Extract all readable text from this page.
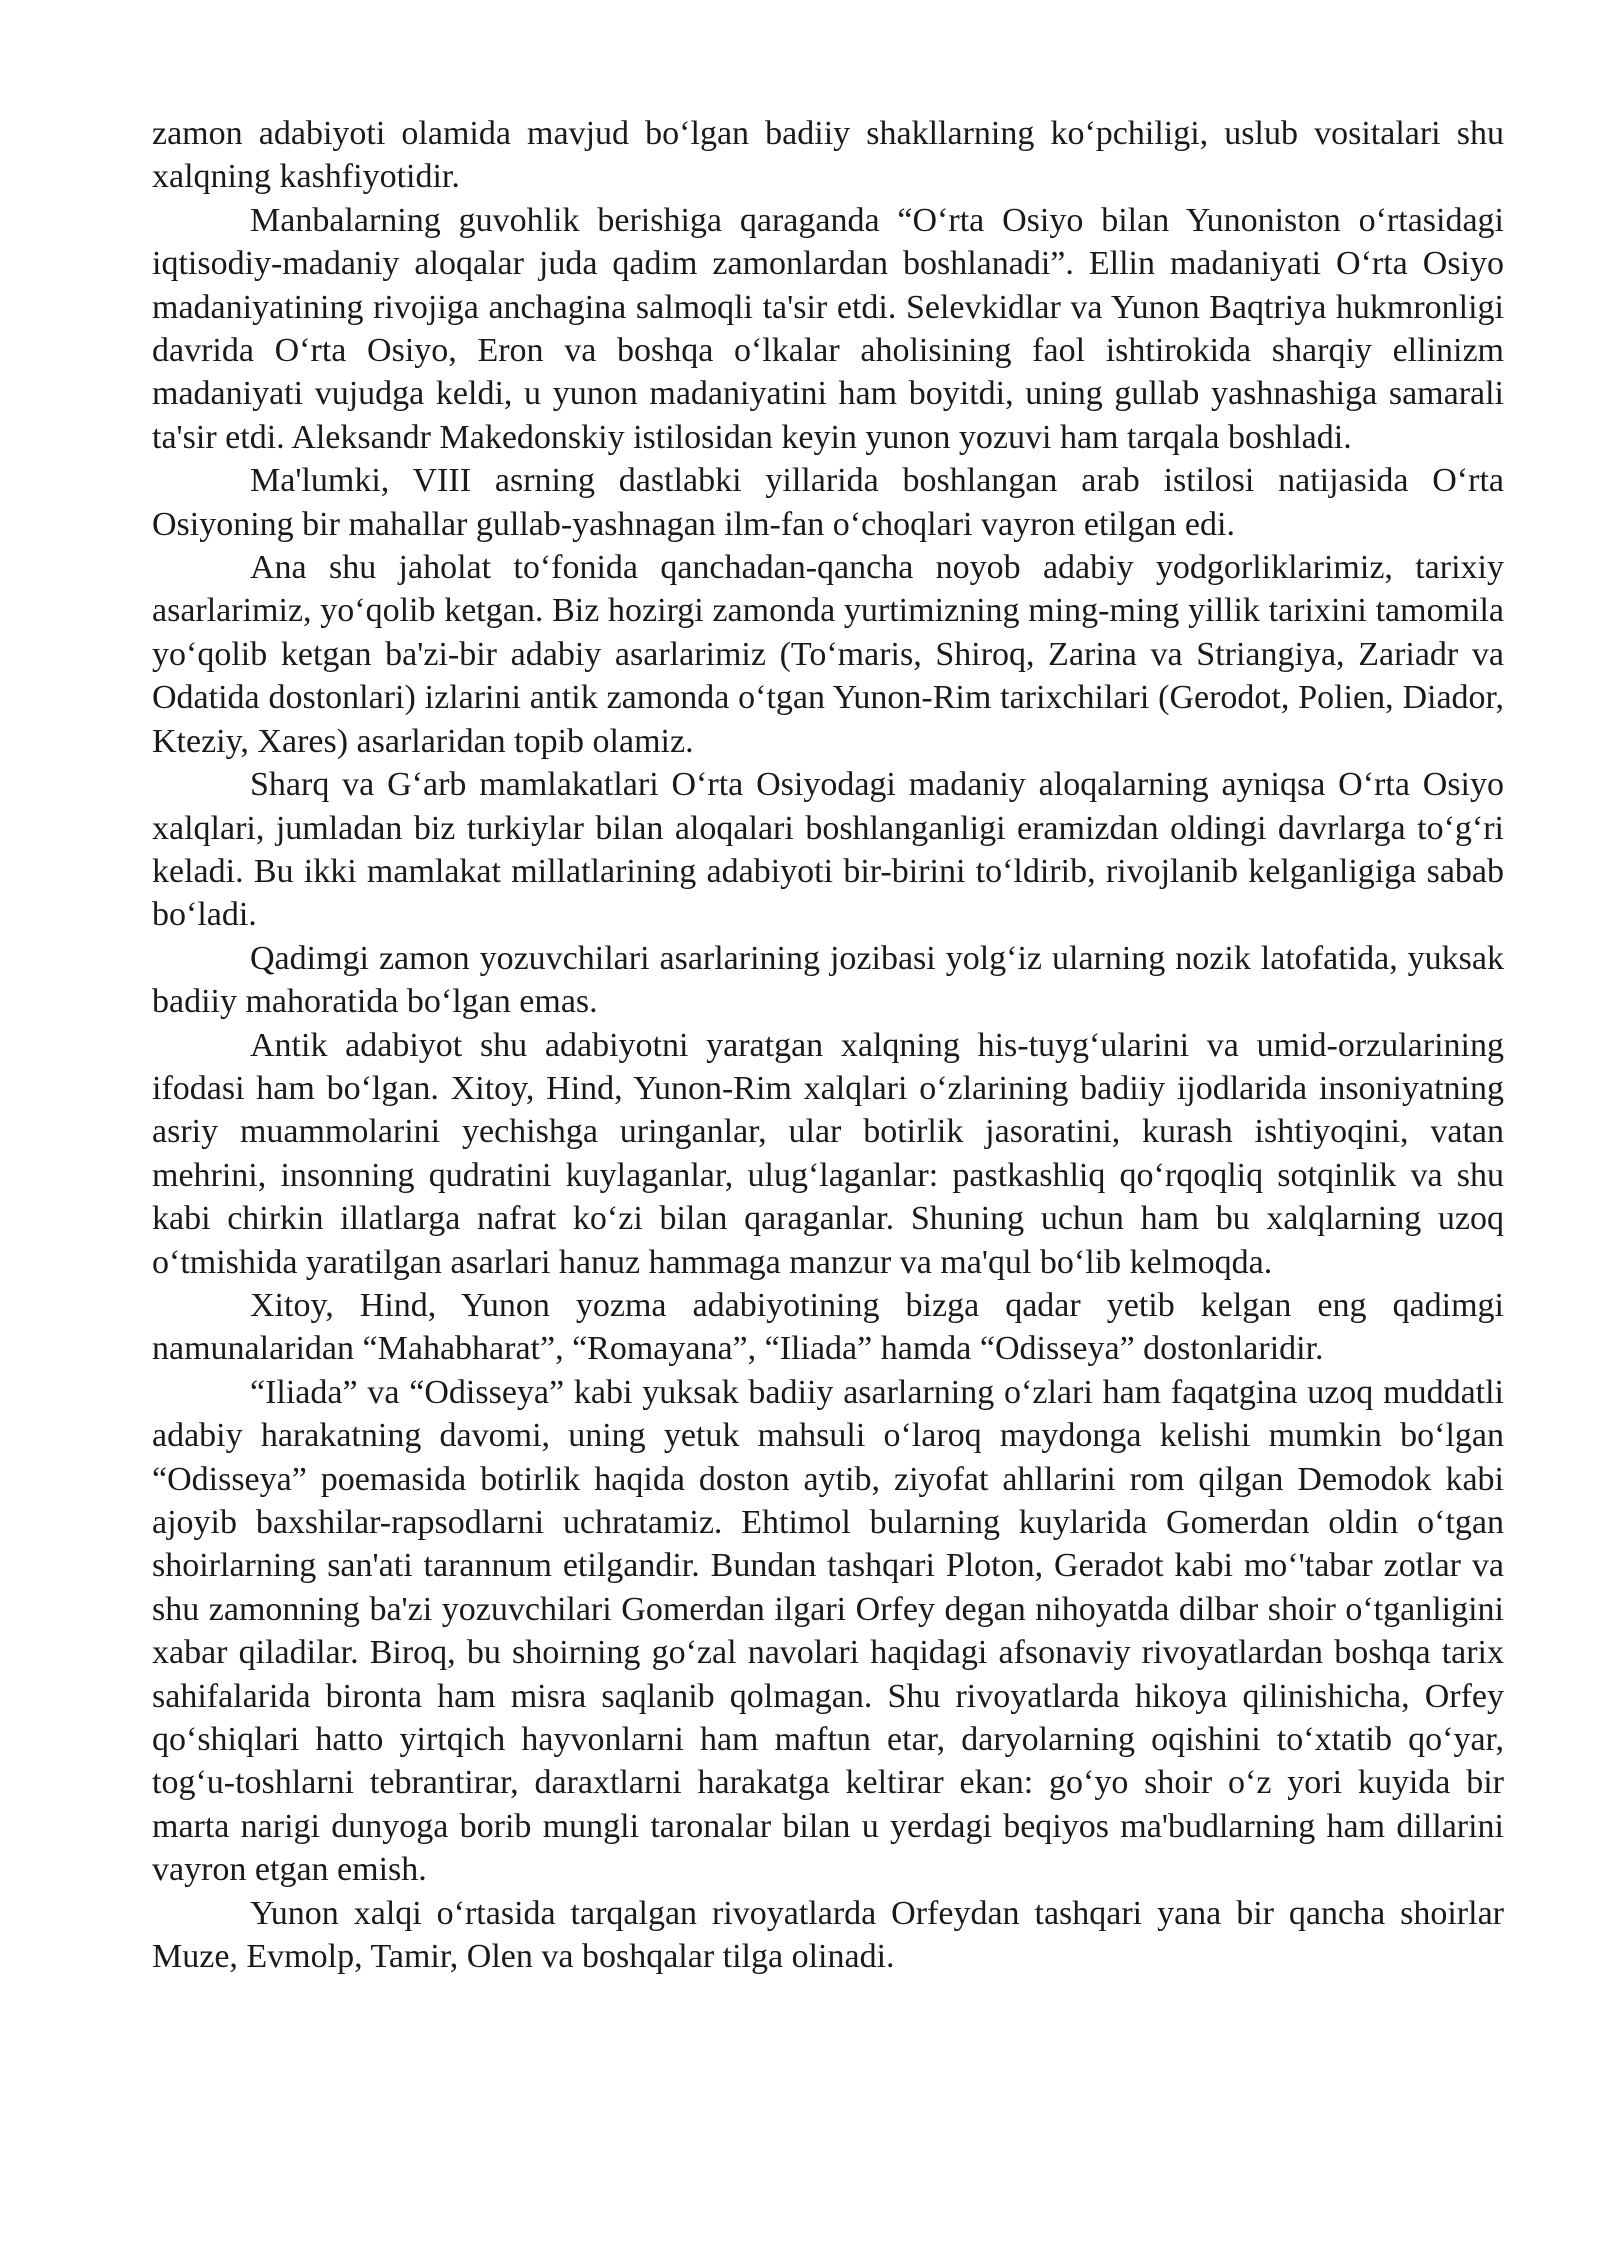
zamon adabiyoti olamida mavjud bo‘lgan badiiy shakllarning ko‘pchiligi, uslub vositalari shu xalqning kashfiyotidir.

Manbalarning guvohlik berishiga qaraganda “O‘rta Osiyo bilan Yunoniston o‘rtasidagi iqtisodiy-madaniy aloqalar juda qadim zamonlardan boshlanadi”. Ellin madaniyati O‘rta Osiyo madaniyatining rivojiga anchagina salmoqli ta'sir etdi. Selevkidlar va Yunon Baqtriya hukmronligi davrida O‘rta Osiyo, Eron va boshqa o‘lkalar aholisining faol ishtirokida sharqiy ellinizm madaniyati vujudga keldi, u yunon madaniyatini ham boyitdi, uning gullab yashnashiga samarali ta'sir etdi. Aleksandr Makedonskiy istilosidan keyin yunon yozuvi ham tarqala boshladi.

Ma'lumki, VIII asrning dastlabki yillarida boshlangan arab istilosi natijasida O‘rta Osiyoning bir mahallar gullab-yashnagan ilm-fan o‘choqlari vayron etilgan edi.

Ana shu jaholat to‘fonida qanchadan-qancha noyob adabiy yodgorliklarimiz, tarixiy asarlarimiz, yo‘qolib ketgan. Biz hozirgi zamonda yurtimizning ming-ming yillik tarixini tamomila yo‘qolib ketgan ba'zi-bir adabiy asarlarimiz (To‘maris, Shiroq, Zarina va Striangiya, Zariadr va Odatida dostonlari) izlarini antik zamonda o‘tgan Yunon-Rim tarixchilari (Gerodot, Polien, Diador, Kteziy, Xares) asarlaridan topib olamiz.

Sharq va G‘arb mamlakatlari O‘rta Osiyodagi madaniy aloqalarning ayniqsa O‘rta Osiyo xalqlari, jumladan biz turkiylar bilan aloqalari boshlanganligi eramizdan oldingi davrlarga to‘g‘ri keladi. Bu ikki mamlakat millatlarining adabiyoti bir-birini to‘ldirib, rivojlanib kelganligiga sabab bo‘ladi.

Qadimgi zamon yozuvchilari asarlarining jozibasi yolg‘iz ularning nozik latofatida, yuksak badiiy mahoratida bo‘lgan emas.

Antik adabiyot shu adabiyotni yaratgan xalqning his-tuyg‘ularini va umid-orzularining ifodasi ham bo‘lgan. Xitoy, Hind, Yunon-Rim xalqlari o‘zlarining badiiy ijodlarida insoniyatning asriy muammolarini yechishga uringanlar, ular botirlik jasoratini, kurash ishtiyoqini, vatan mehrini, insonning qudratini kuylaganlar, ulug‘laganlar: pastkashliq qo‘rqoqliq sotqinlik va shu kabi chirkin illatlarga nafrat ko‘zi bilan qaraganlar. Shuning uchun ham bu xalqlarning uzoq o‘tmishida yaratilgan asarlari hanuz hammaga manzur va ma'qul bo‘lib kelmoqda.

Xitoy, Hind, Yunon yozma adabiyotining bizga qadar yetib kelgan eng qadimgi namunalaridan “Mahabharat”, “Romayana”, “Iliada” hamda “Odisseya” dostonlaridir.

“Iliada” va “Odisseya” kabi yuksak badiiy asarlarning o‘zlari ham faqatgina uzoq muddatli adabiy harakatning davomi, uning yetuk mahsuli o‘laroq maydonga kelishi mumkin bo‘lgan “Odisseya” poemasida botirlik haqida doston aytib, ziyofat ahllarini rom qilgan Demodok kabi ajoyib baxshilar-rapsodlarni uchratamiz. Ehtimol bularning kuylarida Gomerdan oldin o‘tgan shoirlarning san'ati tarannum etilgandir. Bundan tashqari Ploton, Geradot kabi mo‘'tabar zotlar va shu zamonning ba'zi yozuvchilari Gomerdan ilgari Orfey degan nihoyatda dilbar shoir o‘tganligini xabar qiladilar. Biroq, bu shoirning go‘zal navolari haqidagi afsonaviy rivoyatlardan boshqa tarix sahifalarida bironta ham misra saqlanib qolmagan. Shu rivoyatlarda hikoya qilinishicha, Orfey qo‘shiqlari hatto yirtqich hayvonlarni ham maftun etar, daryolarning oqishini to‘xtatib qo‘yar, tog‘u-toshlarni tebrantirar, daraxtlarni harakatga keltirar ekan: go‘yo shoir o‘z yori kuyida bir marta narigi dunyoga borib mungli taronalar bilan u yerdagi beqiyos ma'budlarning ham dillarini vayron etgan emish.

Yunon xalqi o‘rtasida tarqalgan rivoyatlarda Orfeydan tashqari yana bir qancha shoirlar Muze, Evmolp, Tamir, Olen va boshqalar tilga olinadi.
